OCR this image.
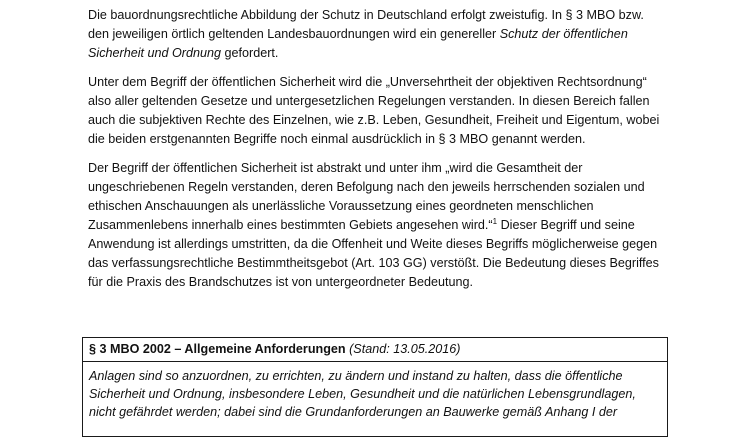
Die bauordnungsrechtliche Abbildung der Schutz in Deutschland erfolgt zweistufig. In § 3 MBO bzw. den jeweiligen örtlich geltenden Landesbauordnungen wird ein genereller Schutz der öffentlichen Sicherheit und Ordnung gefordert.

Unter dem Begriff der öffentlichen Sicherheit wird die „Unversehrtheit der objektiven Rechtsordnung“ also aller geltenden Gesetze und untergesetzlichen Regelungen verstanden. In diesen Bereich fallen auch die subjektiven Rechte des Einzelnen, wie z.B. Leben, Gesundheit, Freiheit und Eigentum, wobei die beiden erstgenannten Begriffe noch einmal ausdrücklich in § 3 MBO genannt werden.

Der Begriff der öffentlichen Sicherheit ist abstrakt und unter ihm „wird die Gesamtheit der ungeschriebenen Regeln verstanden, deren Befolgung nach den jeweils herrschenden sozialen und ethischen Anschauungen als unerlässliche Voraussetzung eines geordneten menschlichen Zusammenlebens innerhalb eines bestimmten Gebiets angesehen wird.“$^1$ Dieser Begriff und seine Anwendung ist allerdings umstritten, da die Offenheit und Weite dieses Begriffs möglicherweise gegen das verfassungsrechtliche Bestimmtheitsgebot (Art. 103 GG) verstößt. Die Bedeutung dieses Begriffes für die Praxis des Brandschutzes ist von untergeordneter Bedeutung.

§ 3 MBO 2002 – Allgemeine Anforderungen (Stand: 13.05.2016)

Anlagen sind so anzuordnen, zu errichten, zu ändern und instand zu halten, dass die öffentliche Sicherheit und Ordnung, insbesondere Leben, Gesundheit und die natürlichen Lebensgrundlagen, nicht gefährdet werden; dabei sind die Grundanforderungen an Bauwerke gemäß Anhang I der
